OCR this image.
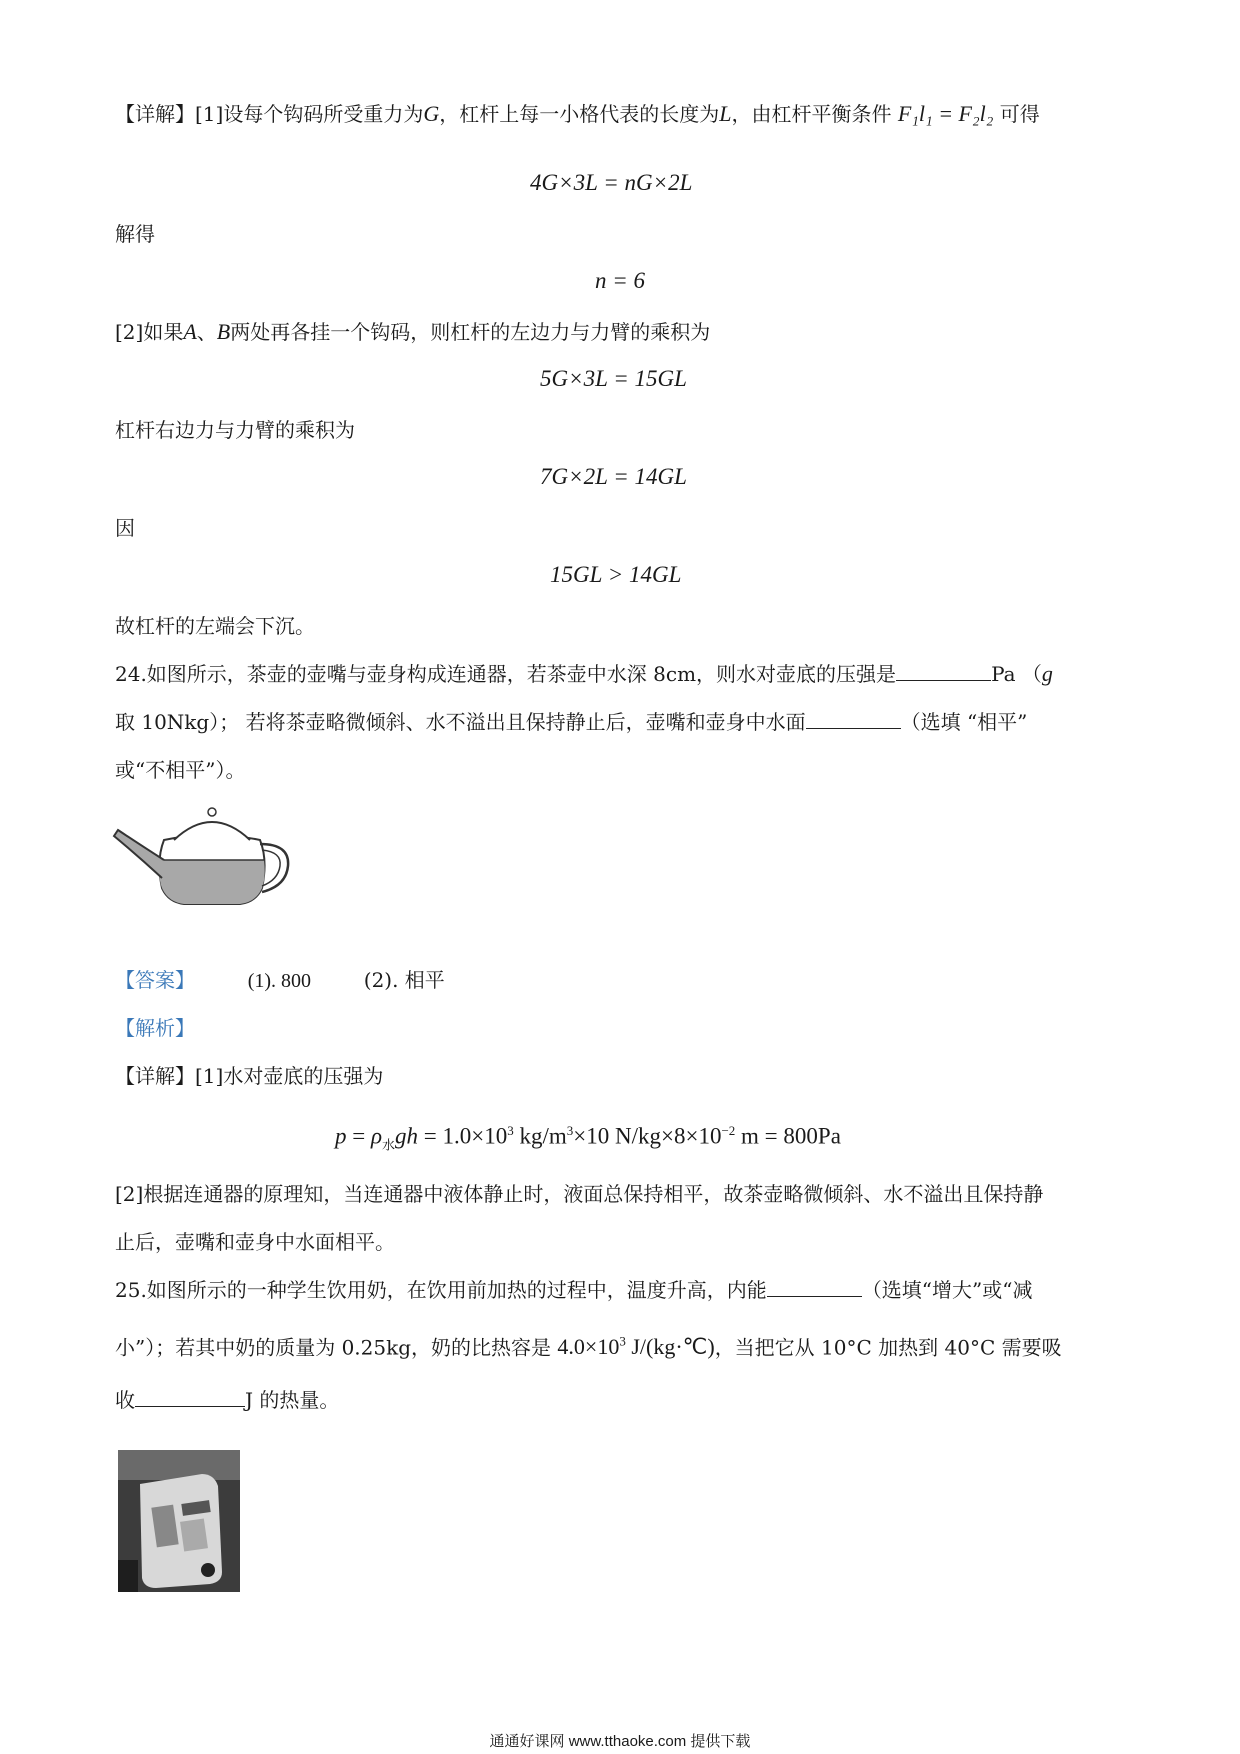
【详解】[1]设每个钩码所受重力为G，杠杆上每一小格代表的长度为L，由杠杆平衡条件 F₁l₁ = F₂l₂ 可得
4G×3L = nG×2L
解得
n = 6
[2]如果A、B两处再各挂一个钩码，则杠杆的左边力与力臂的乘积为
5G×3L = 15GL
杠杆右边力与力臂的乘积为
7G×2L = 14GL
因
15GL > 14GL
故杠杆的左端会下沉。
24.如图所示，茶壶的壶嘴与壶身构成连通器，若茶壶中水深 8cm，则水对壶底的压强是	Pa （g
取 10Nkg）； 若将茶壶略微倾斜、水不溢出且保持静止后，壶嘴和壶身中水面	（选填 “相平”
或“不相平”）。
【答案】	(1). 800	(2). 相平
【解析】
【详解】[1]水对壶底的压强为
$p = \rho_水gh = 1.0\times 10^3$ $kg/m^3\times 10$ $N/kg\times 8\times 10^{-2}$ m = 800Pa
[2]根据连通器的原理知，当连通器中液体静止时，液面总保持相平，故茶壶略微倾斜、水不溢出且保持静
止后，壶嘴和壶身中水面相平。
25.如图所示的一种学生饮用奶，在饮用前加热的过程中，温度升高，内能	（选填“增大”或“减
小”）；若其中奶的质量为 0.25kg，奶的比热容是 $4.0\times 10^3$ J/(kg·℃)，当把它从 10°C 加热到 40°C 需要吸
收	J 的热量。
通通好课网 www.tthaoke.com 提供下载
